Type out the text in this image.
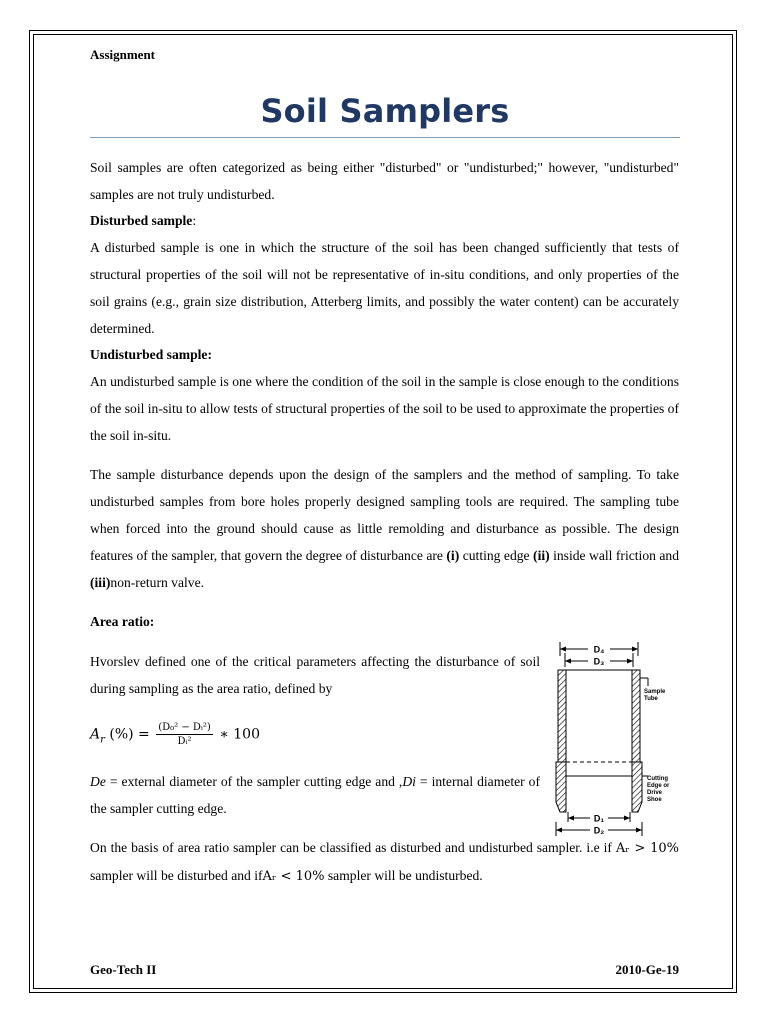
Assignment
Soil Samplers
Soil samples are often categorized as being either "disturbed" or "undisturbed;" however, "undisturbed" samples are not truly undisturbed.
Disturbed sample:
A disturbed sample is one in which the structure of the soil has been changed sufficiently that tests of structural properties of the soil will not be representative of in-situ conditions, and only properties of the soil grains (e.g., grain size distribution, Atterberg limits, and possibly the water content) can be accurately determined.
Undisturbed sample:
An undisturbed sample is one where the condition of the soil in the sample is close enough to the conditions of the soil in-situ to allow tests of structural properties of the soil to be used to approximate the properties of the soil in-situ.
The sample disturbance depends upon the design of the samplers and the method of sampling. To take undisturbed samples from bore holes properly designed sampling tools are required. The sampling tube when forced into the ground should cause as little remolding and disturbance as possible. The design features of the sampler, that govern the degree of disturbance are (i) cutting edge (ii) inside wall friction and (iii)non-return valve.
Area ratio:
Hvorslev defined one of the critical parameters affecting the disturbance of soil during sampling as the area ratio, defined by
$A_r$ (%) = $\frac{\text{(D₀² − Dᵢ²)}}{\text{Dᵢ²}}$ ∗ 100
De = external diameter of the sampler cutting edge and ,Di = internal diameter of the sampler cutting edge.
On the basis of area ratio sampler can be classified as disturbed and undisturbed sampler. i.e if Aᵣ > 10% sampler will be disturbed and ifAᵣ < 10% sampler will be undisturbed.
D₄
D₃
Sample
Tube
Cutting
Edge or
Drive
Shoe
D₁
D₂
Geo-Tech II	2010-Ge-19
